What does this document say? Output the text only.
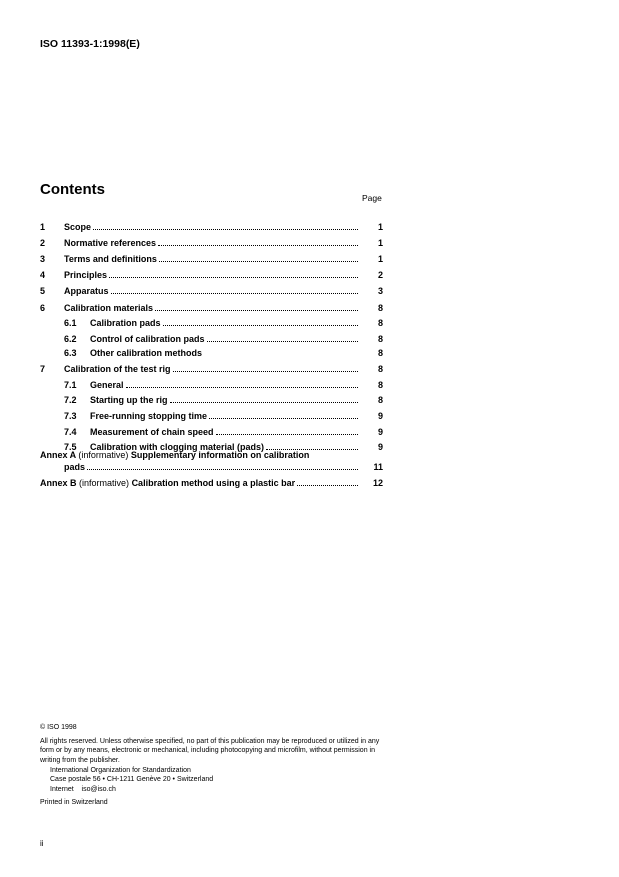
ISO 11393-1:1998(E)
Contents	Page
1	Scope	1
2	Normative references	1
3	Terms and definitions	1
4	Principles	2
5	Apparatus	3
6	Calibration materials	8
6.1	Calibration pads	8
6.2	Control of calibration pads	8
6.3	Other calibration methods	8
7	Calibration of the test rig	8
7.1	General	8
7.2	Starting up the rig	8
7.3	Free-running stopping time	9
7.4	Measurement of chain speed	9
7.5	Calibration with clogging material (pads)	9
Annex A (informative) Supplementary information on calibration
pads	11
Annex B (informative) Calibration method using a plastic bar	12
© ISO 1998
All rights reserved. Unless otherwise specified, no part of this publication may be reproduced or utilized in any form or by any means, electronic or mechanical, including photocopying and microfilm, without permission in writing from the publisher.
International Organization for Standardization
Case postale 56 • CH-1211 Genève 20 • Switzerland
Internet iso@iso.ch
Printed in Switzerland
ii
